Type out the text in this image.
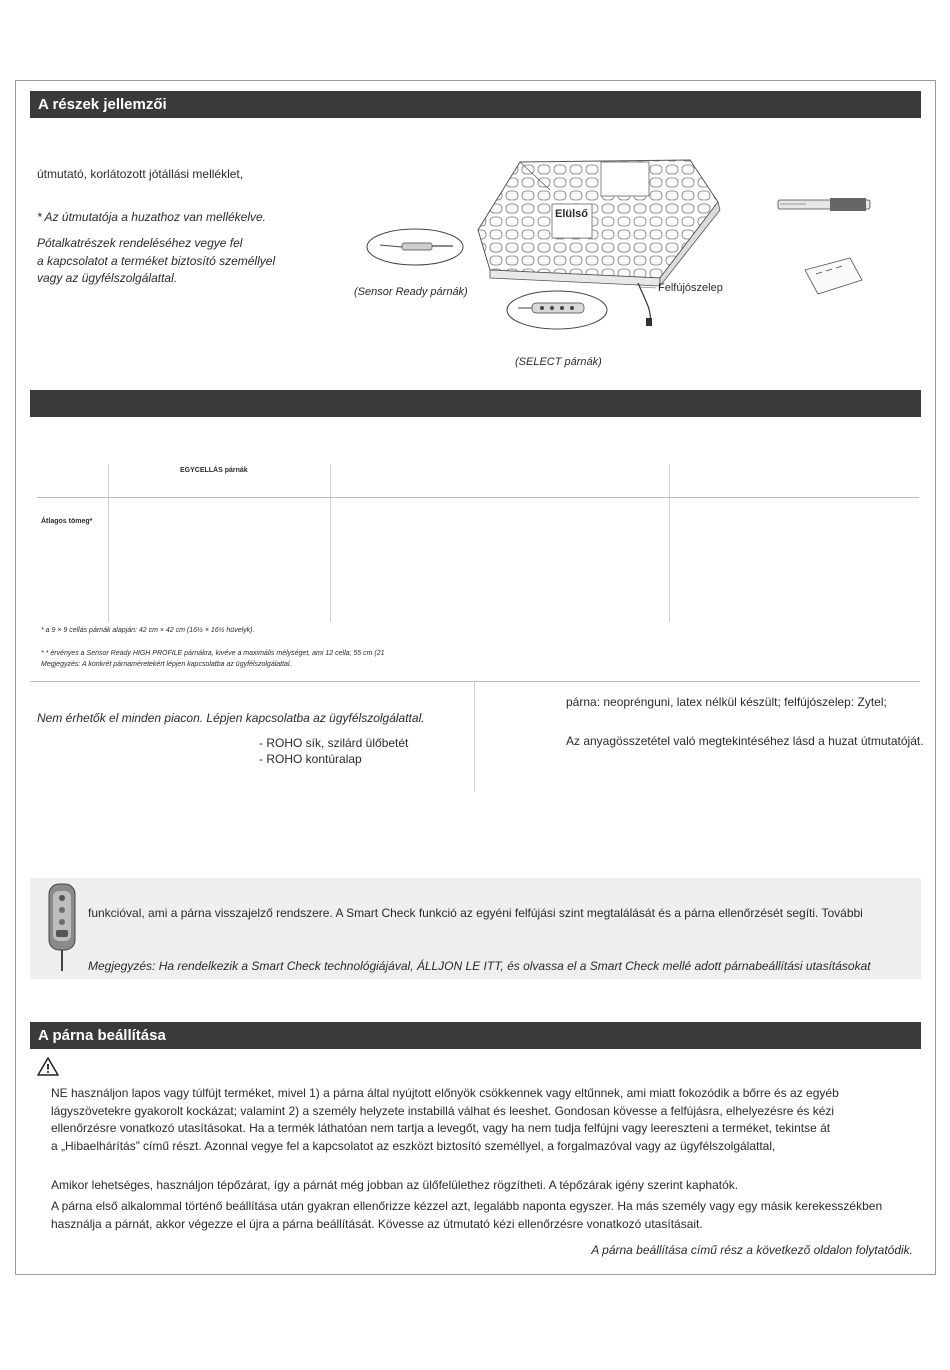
A részek jellemzői
útmutató, korlátozott jótállási melléklet,
* Az útmutatója a huzathoz van mellékelve.
Pótalkatrészek rendeléséhez vegye fel
a kapcsolatot a terméket biztosító személlyel
vagy az ügyfélszolgálattal.
Elülső
Felfújószelep
(Sensor Ready párnák)
(SELECT párnák)
EGYCELLÁS párnák
Átlagos tömeg*
* a 9 × 9 cellás párnák alapján: 42 cm × 42 cm (16½ × 16½ hüvelyk).
* * érvényes a Sensor Ready HIGH PROFILE párnákra, kivéve a maximális mélységet, ami 12 cella; 55 cm (21
Megjegyzés: A konkrét párnaméretekért lépjen kapcsolatba az ügyfélszolgálattal.
Nem érhetők el minden piacon. Lépjen kapcsolatba az ügyfélszolgálattal.
- ROHO sík, szilárd ülőbetét
- ROHO kontúralap
párna: neoprénguni, latex nélkül készült; felfújószelep: Zytel;
Az anyagösszetétel való megtekintéséhez lásd a huzat útmutatóját.
funkcióval, ami a párna visszajelző rendszere. A Smart Check funkció az egyéni felfújási szint megtalálását és a párna ellenőrzését segíti. További
Megjegyzés: Ha rendelkezik a Smart Check technológiájával, ÁLLJON LE ITT, és olvassa el a Smart Check mellé adott párnabeállítási utasításokat
A párna beállítása
NE használjon lapos vagy túlfújt terméket, mivel 1) a párna által nyújtott előnyök csökkennek vagy eltűnnek, ami miatt fokozódik a bőrre és az egyéb
lágyszövetekre gyakorolt kockázat; valamint 2) a személy helyzete instabillá válhat és leeshet. Gondosan kövesse a felfújásra, elhelyezésre és kézi
ellenőrzésre vonatkozó utasításokat. Ha a termék láthatóan nem tartja a levegőt, vagy ha nem tudja felfújni vagy leereszteni a terméket, tekintse át
a „Hibaelhárítás” című részt. Azonnal vegye fel a kapcsolatot az eszközt biztosító személlyel, a forgalmazóval vagy az ügyfélszolgálattal,
Amikor lehetséges, használjon tépőzárat, így a párnát még jobban az ülőfelülethez rögzítheti. A tépőzárak igény szerint kaphatók.
A párna első alkalommal történő beállítása után gyakran ellenőrizze kézzel azt, legalább naponta egyszer. Ha más személy vagy egy másik kerekesszékben
használja a párnát, akkor végezze el újra a párna beállítását. Kövesse az útmutató kézi ellenőrzésre vonatkozó utasításait.
A párna beállítása című rész a következő oldalon folytatódik.
